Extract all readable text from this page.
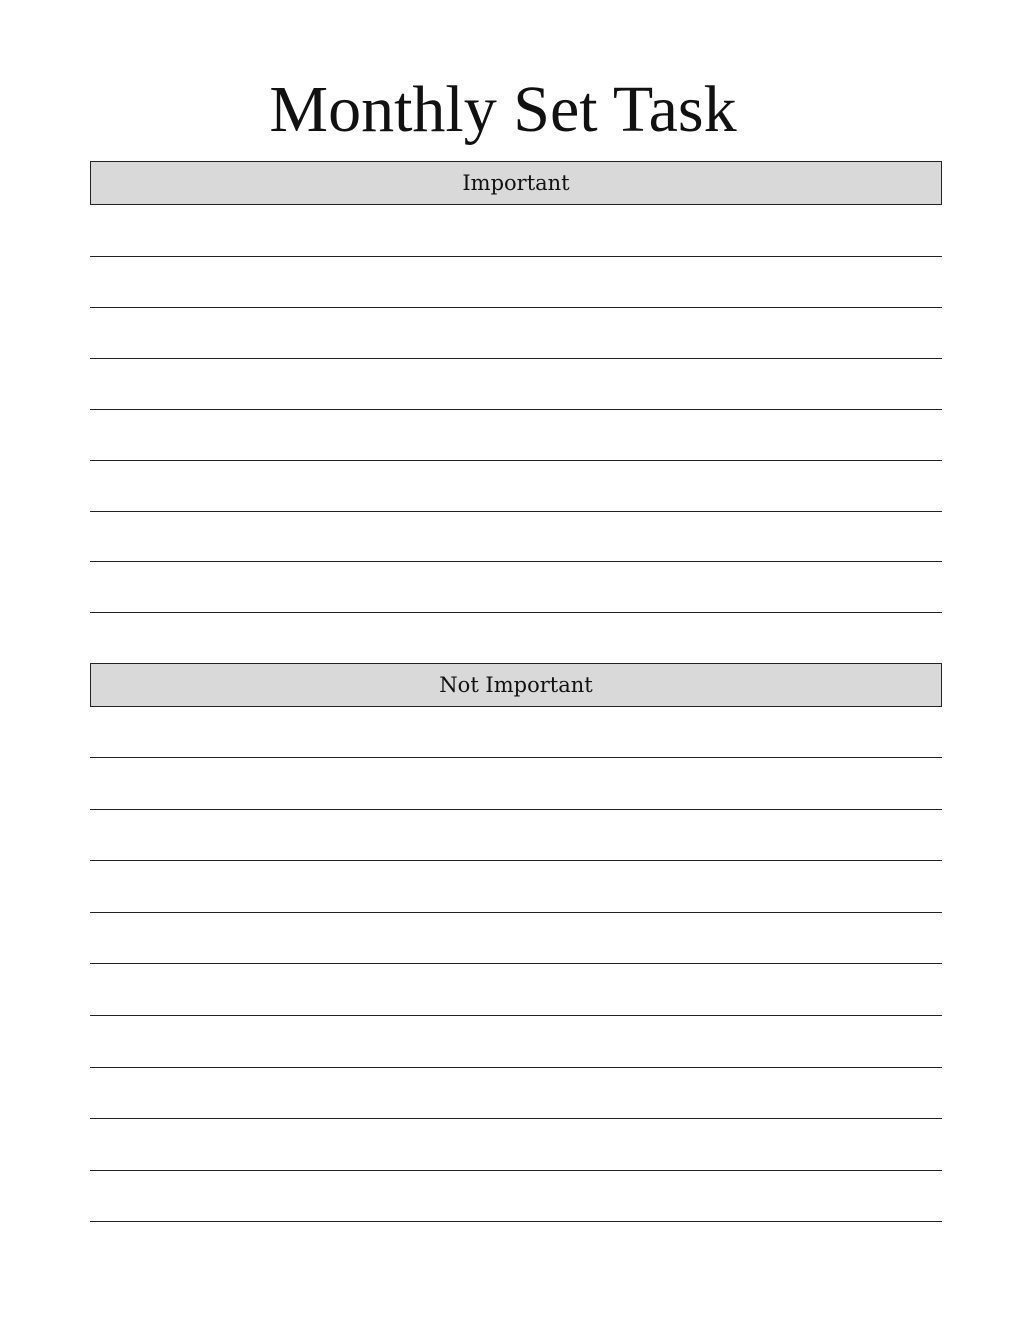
Monthly Set Task
Important
Not Important
